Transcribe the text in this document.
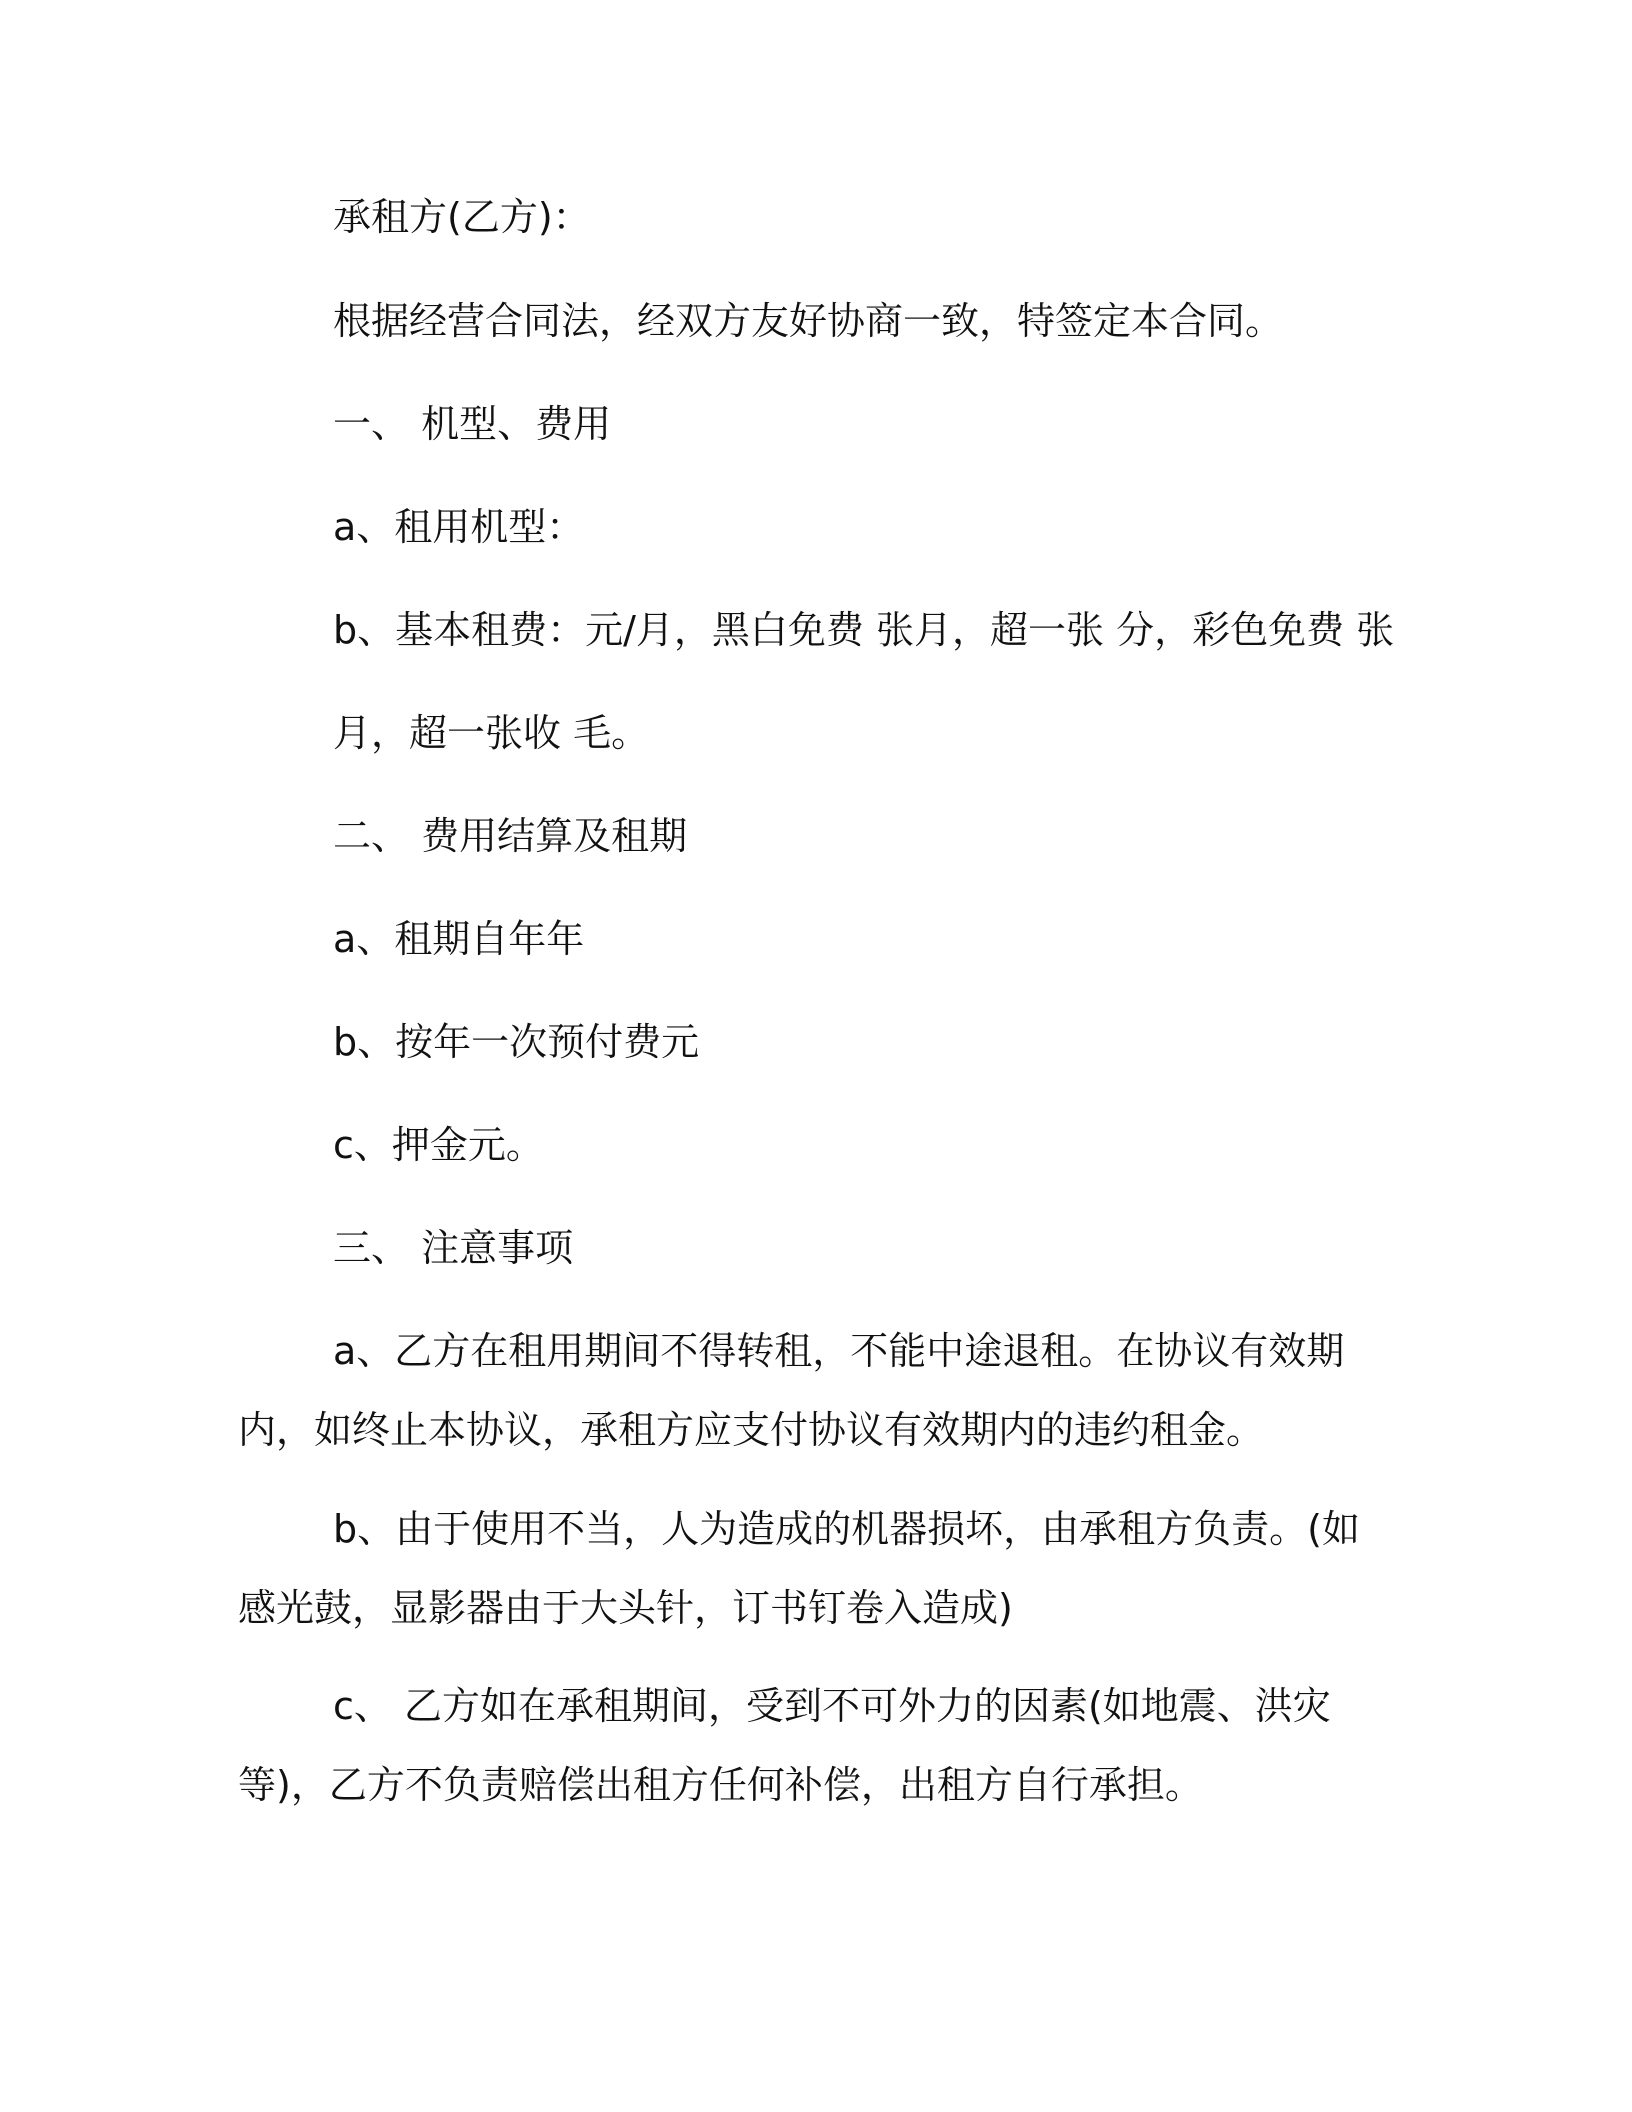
承租方(乙方)：
根据经营合同法，经双方友好协商一致，特签定本合同。
一、 机型、费用
a、租用机型：
b、基本租费：元/月，黑白免费 张月，超一张 分，彩色免费 张
月，超一张收 毛。
二、 费用结算及租期
a、租期自年年
b、按年一次预付费元
c、押金元。
三、 注意事项
a、乙方在租用期间不得转租，不能中途退租。在协议有效期内，如终止本协议，承租方应支付协议有效期内的违约租金。
b、由于使用不当，人为造成的机器损坏，由承租方负责。(如感光鼓，显影器由于大头针，订书钉卷入造成)
c、 乙方如在承租期间，受到不可外力的因素(如地震、洪灾等)，乙方不负责赔偿出租方任何补偿，出租方自行承担。
